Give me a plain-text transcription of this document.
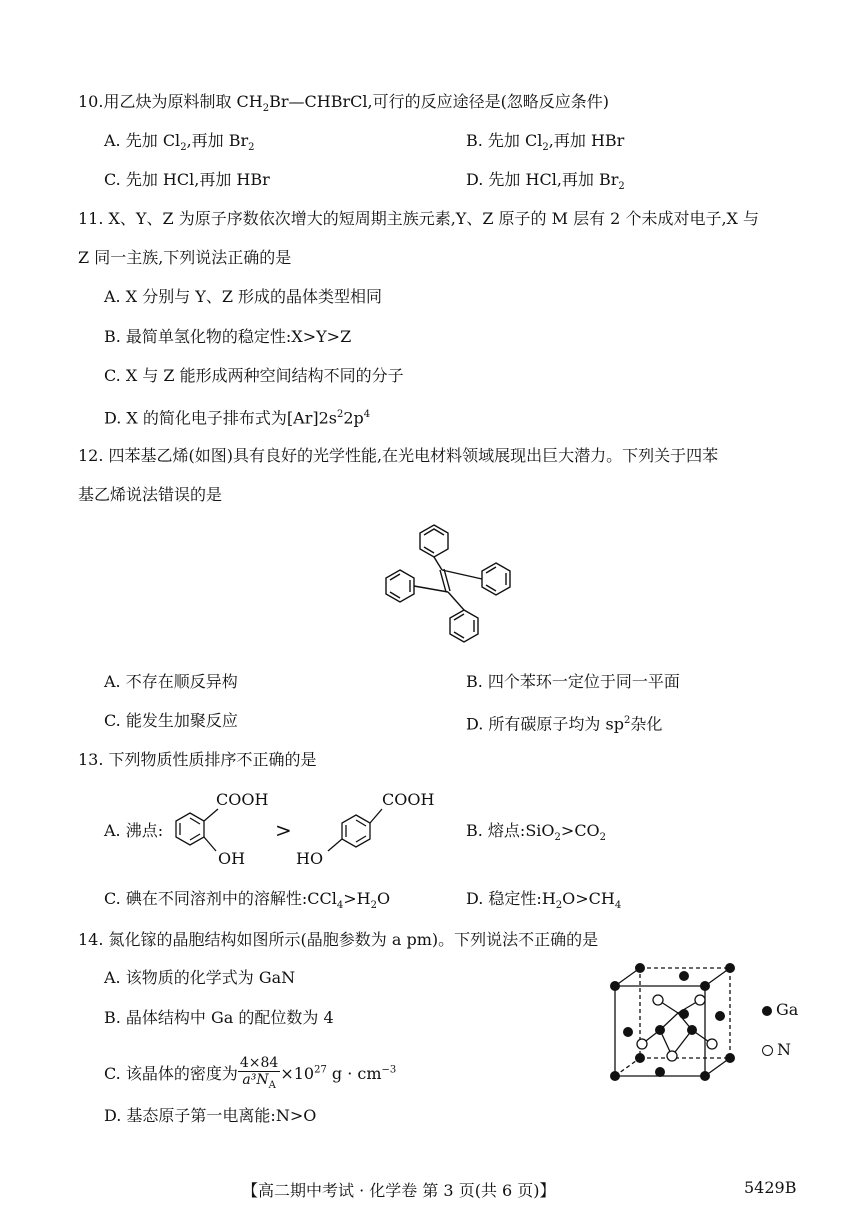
10.用乙炔为原料制取 $CH_2Br—CHBrCl$,可行的反应途径是(忽略反应条件)
A. 先加 $Cl_2$,再加 $Br_2$	B. 先加 $Cl_2$,再加 HBr
C. 先加 HCl,再加 HBr	D. 先加 HCl,再加 $Br_2$
11. X、Y、Z 为原子序数依次增大的短周期主族元素,Y、Z 原子的 M 层有 2 个未成对电子,X 与
Z 同一主族,下列说法正确的是
A. X 分别与 Y、Z 形成的晶体类型相同
B. 最简单氢化物的稳定性:X>Y>Z
C. X 与 Z 能形成两种空间结构不同的分子
D. X 的简化电子排布式为$[Ar]2s^22p^4$
12. 四苯基乙烯(如图)具有良好的光学性能,在光电材料领域展现出巨大潜力。下列关于四苯
基乙烯说法错误的是
A. 不存在顺反异构	B. 四个苯环一定位于同一平面
C. 能发生加聚反应	D. 所有碳原子均为 $sp^2$杂化
13. 下列物质性质排序不正确的是
A. 沸点:
COOH
OH
>
COOH
HO
B. 熔点$:SiO_2>CO_2$
C. 碘在不同溶剂中的溶解性$:CCl_4>H_2O$	D. 稳定性$:H_2O>CH_4$
14. 氮化镓的晶胞结构如图所示(晶胞参数为 a pm)。下列说法不正确的是
A. 该物质的化学式为 GaN
B. 晶体结构中 Ga 的配位数为 4
C. 该晶体的密度为 $\frac{4\times 84}{a^3N_A} \times 10^{27}$ $g \cdot cm^{-3}$
D. 基态原子第一电离能:N>O
Ga
N
【高二期中考试 · 化学卷 第 3 页(共 6 页)】	5429B
